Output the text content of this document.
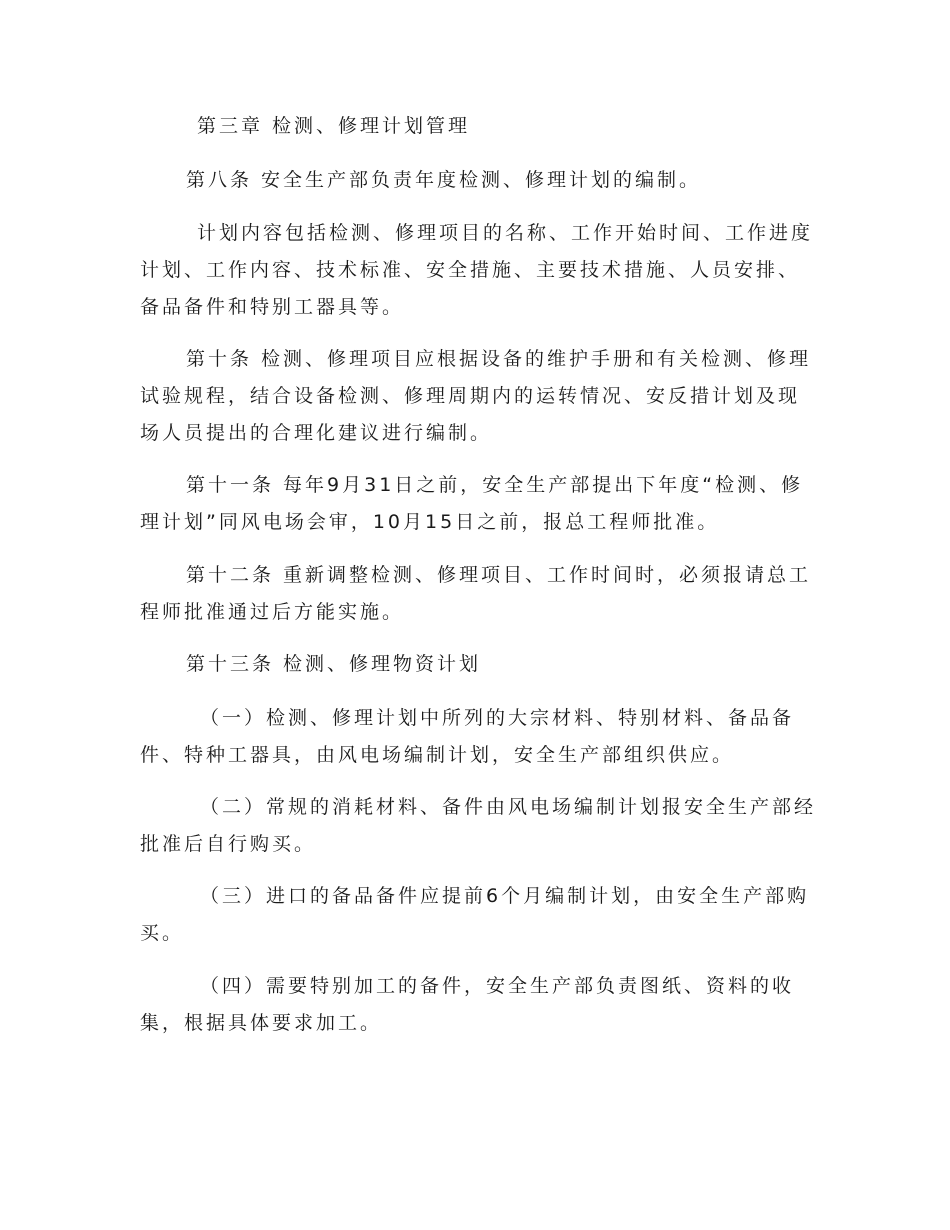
第三章 检测、修理计划管理
第八条 安全生产部负责年度检测、修理计划的编制。
计划内容包括检测、修理项目的名称、工作开始时间、工作进度
计划、工作内容、技术标准、安全措施、主要技术措施、人员安排、
备品备件和特别工器具等。
第十条 检测、修理项目应根据设备的维护手册和有关检测、修理
试验规程，结合设备检测、修理周期内的运转情况、安反措计划及现
场人员提出的合理化建议进行编制。
第十一条 每年9月31日之前，安全生产部提出下年度“检测、修
理计划”同风电场会审，10月15日之前，报总工程师批准。
第十二条 重新调整检测、修理项目、工作时间时，必须报请总工
程师批准通过后方能实施。
第十三条 检测、修理物资计划
（一）检测、修理计划中所列的大宗材料、特别材料、备品备
件、特种工器具，由风电场编制计划，安全生产部组织供应。
（二）常规的消耗材料、备件由风电场编制计划报安全生产部经
批准后自行购买。
（三）进口的备品备件应提前6个月编制计划，由安全生产部购
买。
（四）需要特别加工的备件，安全生产部负责图纸、资料的收
集，根据具体要求加工。
